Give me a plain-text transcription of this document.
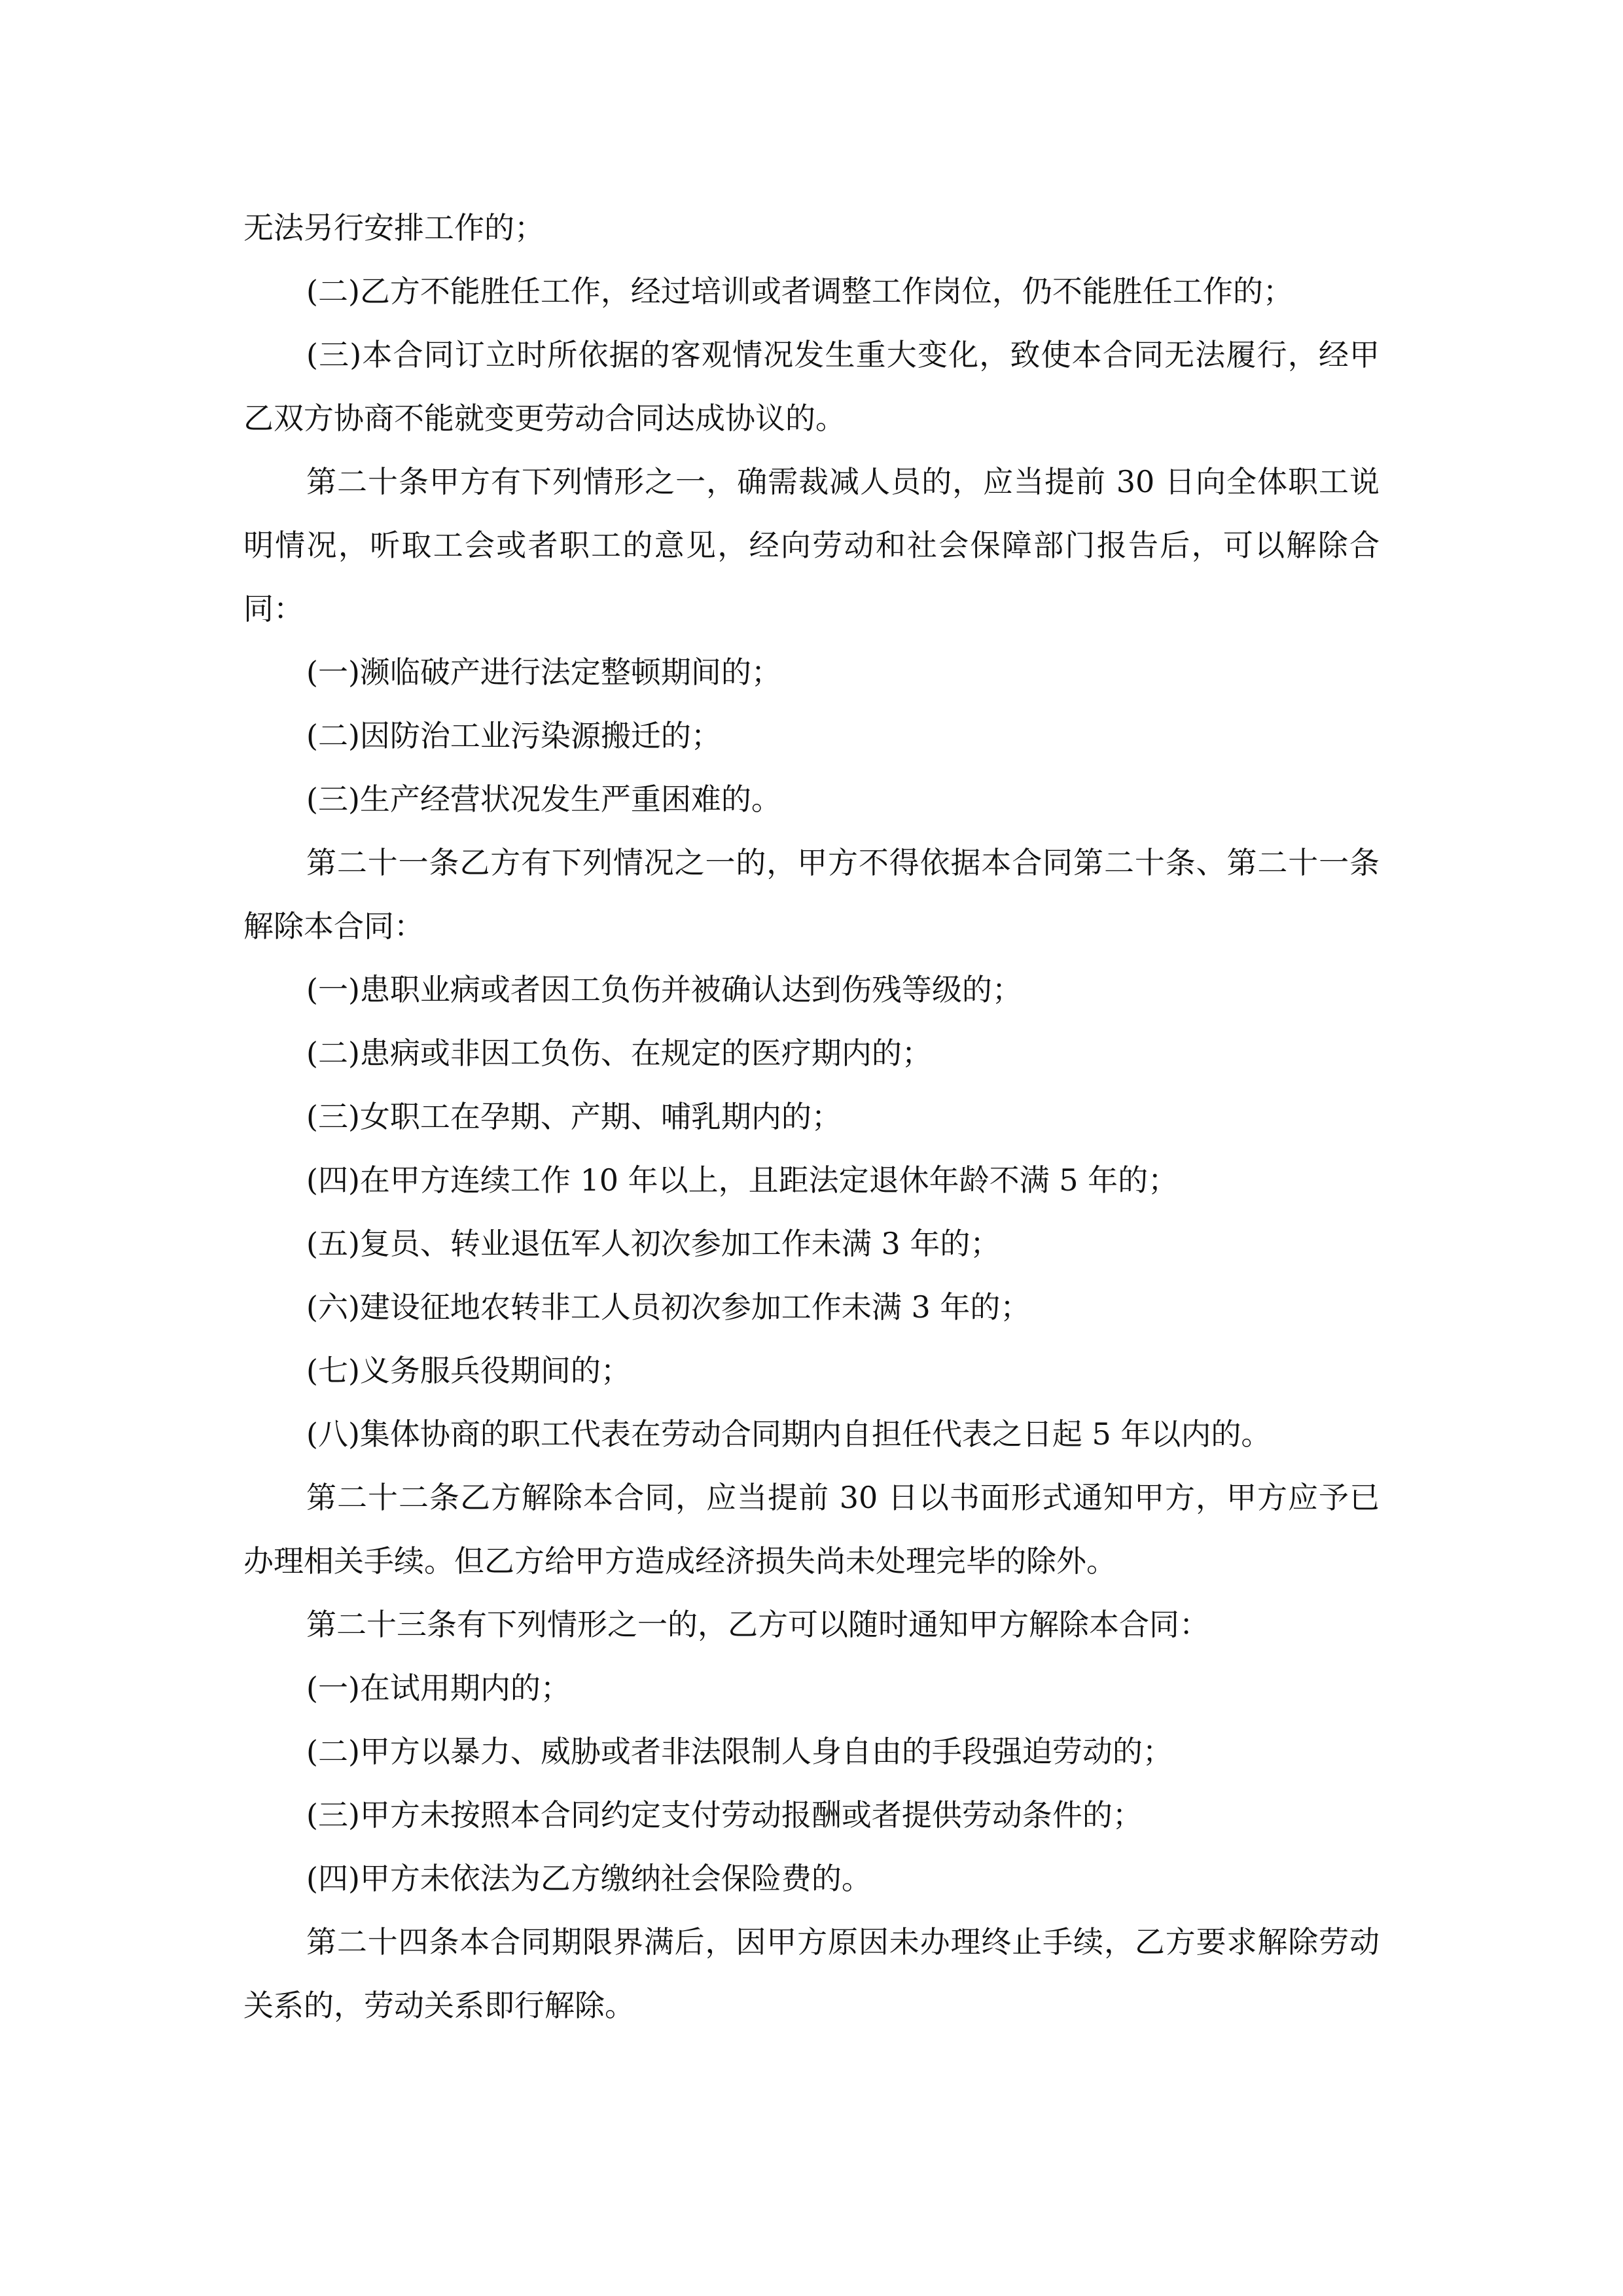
无法另行安排工作的；

(二)乙方不能胜任工作，经过培训或者调整工作岗位，仍不能胜任工作的；

(三)本合同订立时所依据的客观情况发生重大变化，致使本合同无法履行，经甲乙双方协商不能就变更劳动合同达成协议的。

第二十条甲方有下列情形之一，确需裁减人员的，应当提前 30 日向全体职工说明情况，听取工会或者职工的意见，经向劳动和社会保障部门报告后，可以解除合同：

(一)濒临破产进行法定整顿期间的；

(二)因防治工业污染源搬迁的；

(三)生产经营状况发生严重困难的。

第二十一条乙方有下列情况之一的，甲方不得依据本合同第二十条、第二十一条解除本合同：

(一)患职业病或者因工负伤并被确认达到伤残等级的；

(二)患病或非因工负伤、在规定的医疗期内的；

(三)女职工在孕期、产期、哺乳期内的；

(四)在甲方连续工作 10 年以上，且距法定退休年龄不满 5 年的；

(五)复员、转业退伍军人初次参加工作未满 3 年的；

(六)建设征地农转非工人员初次参加工作未满 3 年的；

(七)义务服兵役期间的；

(八)集体协商的职工代表在劳动合同期内自担任代表之日起 5 年以内的。

第二十二条乙方解除本合同，应当提前 30 日以书面形式通知甲方，甲方应予已办理相关手续。但乙方给甲方造成经济损失尚未处理完毕的除外。

第二十三条有下列情形之一的，乙方可以随时通知甲方解除本合同：

(一)在试用期内的；

(二)甲方以暴力、威胁或者非法限制人身自由的手段强迫劳动的；

(三)甲方未按照本合同约定支付劳动报酬或者提供劳动条件的；

(四)甲方未依法为乙方缴纳社会保险费的。

第二十四条本合同期限界满后，因甲方原因未办理终止手续，乙方要求解除劳动关系的，劳动关系即行解除。
